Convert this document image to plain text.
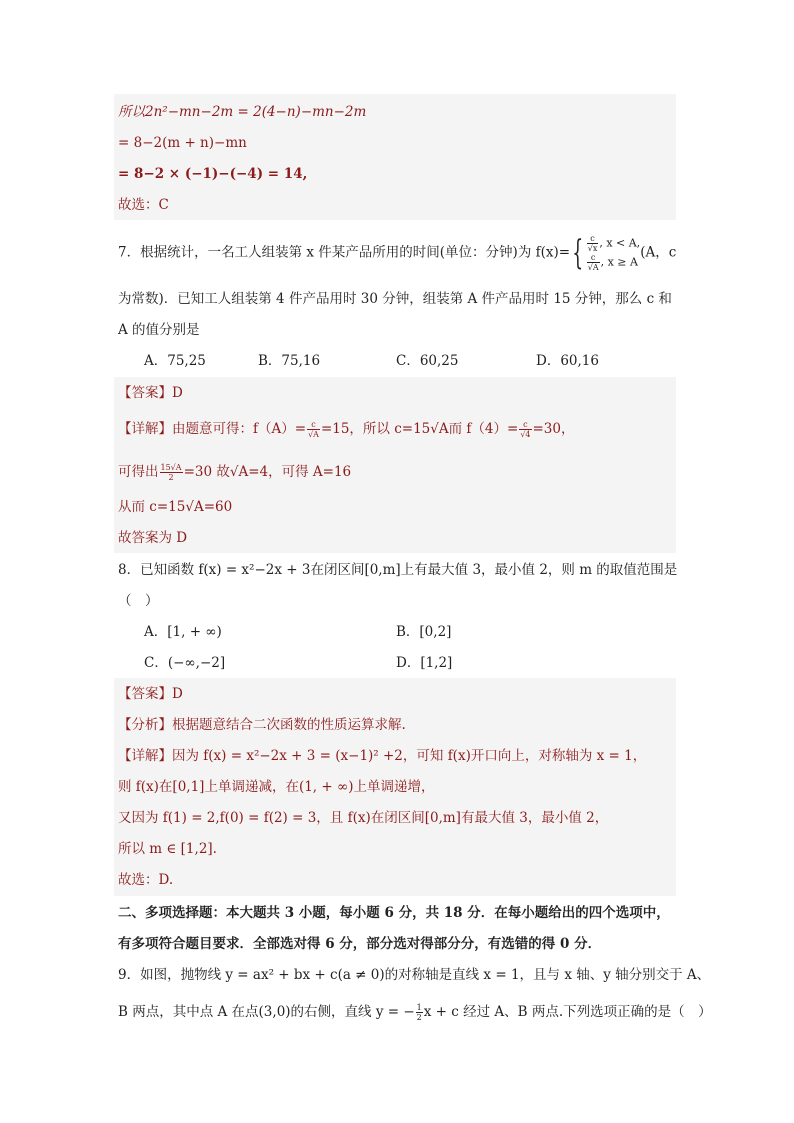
所以2n²−mn−2m = 2(4−n)−mn−2m
= 8−2(m + n)−mn
= 8−2 × (−1)−(−4) = 14,
故选：C
7．根据统计，一名工人组装第 x 件某产品所用的时间(单位：分钟)为 $f(x)=\{ \frac{c}{√x}$ , x < A,
$\frac{c}{√A}$ , x ≥ A
(A，c
为常数)．已知工人组装第 4 件产品用时 30 分钟，组装第 A 件产品用时 15 分钟，那么 c 和
A 的值分别是
A．75,25	B．75,16	C．60,25	D．60,16
【答案】D
【详解】由题意可得：$f(A)= \frac{c}{√A} =15$，所以 c=15√A而 $f(4)= \frac{c}{√4} =30$，
可得出 $\frac{15√A}{2} =30$ 故√A=4，可得 A=16
从而 c=15√A=60
故答案为 D
8．已知函数 f(x) = x²−2x + 3在闭区间[0,m]上有最大值 3，最小值 2，则 m 的取值范围是
（　）
A．[1, + ∞)	B．[0,2]
C．(−∞,−2]	D．[1,2]
【答案】D
【分析】根据题意结合二次函数的性质运算求解.
【详解】因为 f(x) = x²−2x + 3 = (x−1)² +2，可知 f(x)开口向上，对称轴为 x = 1，
则 f(x)在[0,1]上单调递减，在(1, + ∞)上单调递增，
又因为 f(1) = 2,f(0) = f(2) = 3，且 f(x)在闭区间[0,m]有最大值 3，最小值 2，
所以 m ∈ [1,2].
故选：D.
二、多项选择题：本大题共 3 小题，每小题 6 分，共 18 分．在每小题给出的四个选项中，
有多项符合题目要求．全部选对得 6 分，部分选对得部分分，有选错的得 0 分．
9．如图，抛物线 y = ax² + bx + c(a ≠ 0)的对称轴是直线 x = 1，且与 x 轴、y 轴分别交于 A、
B 两点，其中点 A 在点(3,0)的右侧，直线 y = − $\frac{1}{2}$ x + c 经过 A、B 两点.下列选项正确的是（　）
